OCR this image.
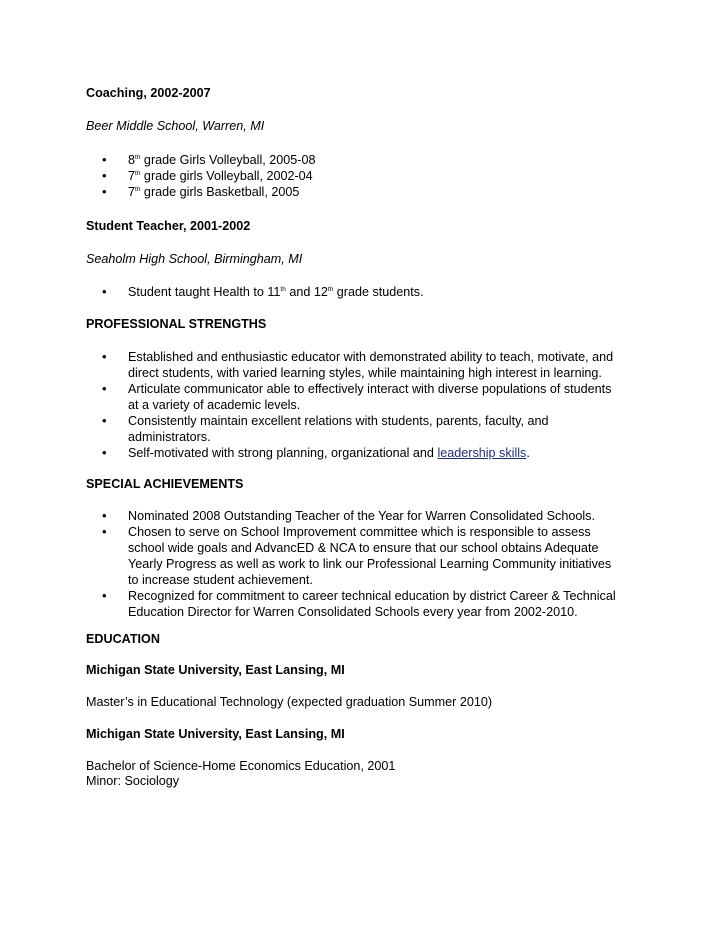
Coaching, 2002-2007
Beer Middle School, Warren, MI
• 8th grade Girls Volleyball, 2005-08
• 7th grade girls Volleyball, 2002-04
• 7th grade girls Basketball, 2005
Student Teacher, 2001-2002
Seaholm High School, Birmingham, MI
• Student taught Health to 11th and 12th grade students.
PROFESSIONAL STRENGTHS
• Established and enthusiastic educator with demonstrated ability to teach, motivate, and
direct students, with varied learning styles, while maintaining high interest in learning.
• Articulate communicator able to effectively interact with diverse populations of students
at a variety of academic levels.
• Consistently maintain excellent relations with students, parents, faculty, and
administrators.
• Self-motivated with strong planning, organizational and leadership skills.
SPECIAL ACHIEVEMENTS
• Nominated 2008 Outstanding Teacher of the Year for Warren Consolidated Schools.
• Chosen to serve on School Improvement committee which is responsible to assess
school wide goals and AdvancED & NCA to ensure that our school obtains Adequate
Yearly Progress as well as work to link our Professional Learning Community initiatives
to increase student achievement.
• Recognized for commitment to career technical education by district Career & Technical
Education Director for Warren Consolidated Schools every year from 2002-2010.
EDUCATION
Michigan State University, East Lansing, MI
Master’s in Educational Technology (expected graduation Summer 2010)
Michigan State University, East Lansing, MI
Bachelor of Science-Home Economics Education, 2001
Minor: Sociology
